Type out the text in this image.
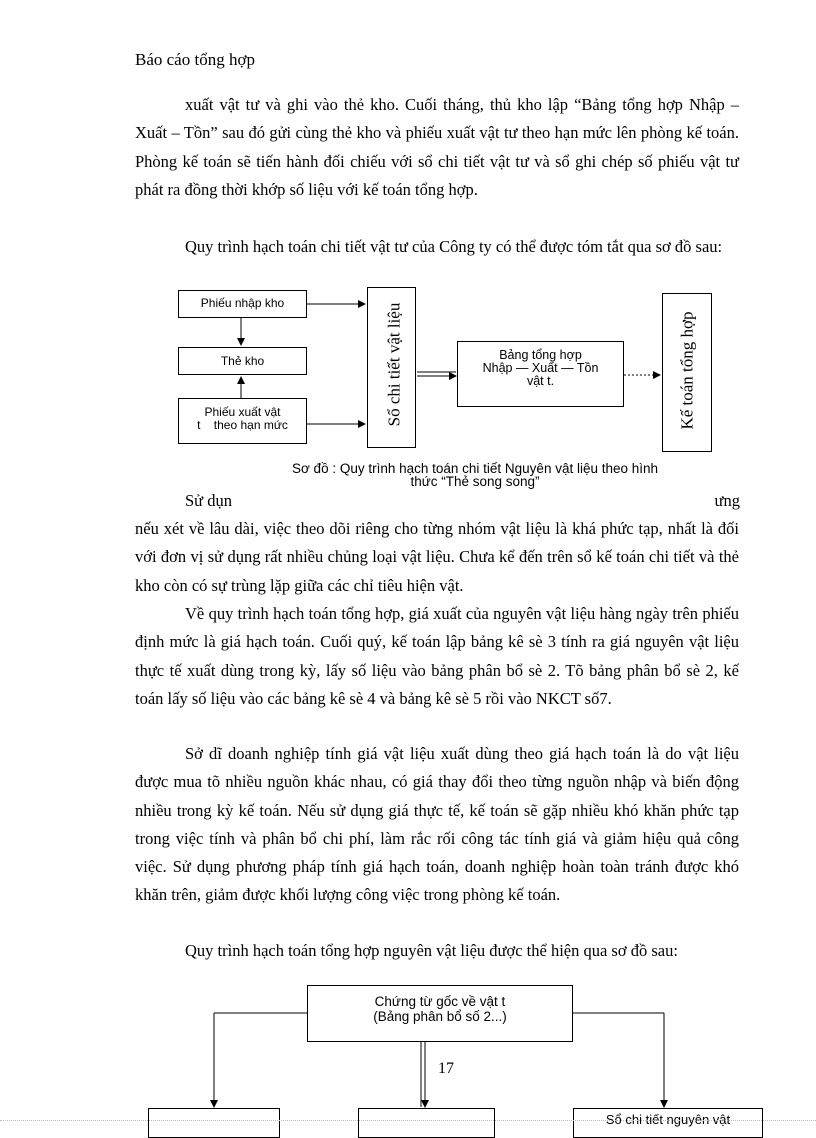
Báo cáo tổng hợp
xuất vật tư và ghi vào thẻ kho. Cuối tháng, thủ kho lập “Bảng tổng hợp Nhập – Xuất – Tồn” sau đó gửi cùng thẻ kho và phiếu xuất vật tư theo hạn mức lên phòng kế toán. Phòng kế toán sẽ tiến hành đối chiếu với sổ chi tiết vật tư và sổ ghi chép số phiếu vật tư phát ra đồng thời khớp số liệu với kế toán tổng hợp.
Quy trình hạch toán chi tiết vật tư của Công ty có thể được tóm tắt qua sơ đồ sau:
Phiếu nhập kho
Thẻ kho
Phiếu xuất vật
t    theo hạn mức	Sổ chi tiết vật liệu	Bảng tổng hợp
Nhập — Xuất — Tồn
vật t.	Kế toán tổng hợp
Sơ đồ : Quy trình hạch toán chi tiết Nguyên vật liệu theo hình
thức “Thẻ song song”
Sử dụn	ưng
nếu xét về lâu dài, việc theo dõi riêng cho từng nhóm vật liệu là khá phức tạp, nhất là đối với đơn vị sử dụng rất nhiều chủng loại vật liệu. Chưa kể đến trên sổ kế toán chi tiết và thẻ kho còn có sự trùng lặp giữa các chỉ tiêu hiện vật.
Về quy trình hạch toán tổng hợp, giá xuất của nguyên vật liệu hàng ngày trên phiếu định mức là giá hạch toán. Cuối quý, kế toán lập bảng kê sè 3 tính ra giá nguyên vật liệu thực tế xuất dùng trong kỳ, lấy số liệu vào bảng phân bổ sè 2. Tõ bảng phân bổ sè 2, kế toán lấy số liệu vào các bảng kê sè 4 và bảng kê sè 5 rồi vào NKCT số7.
Sở dĩ doanh nghiệp tính giá vật liệu xuất dùng theo giá hạch toán là do vật liệu được mua tõ nhiều nguồn khác nhau, có giá thay đổi theo từng nguồn nhập và biến động nhiều trong kỳ kế toán. Nếu sử dụng giá thực tế, kế toán sẽ gặp nhiều khó khăn phức tạp trong việc tính và phân bổ chi phí, làm rắc rối công tác tính giá và giảm hiệu quả công việc. Sử dụng phương pháp tính giá hạch toán, doanh nghiệp hoàn toàn tránh được khó khăn trên, giảm được khối lượng công việc trong phòng kế toán.
Quy trình hạch toán tổng hợp nguyên vật liệu được thể hiện qua sơ đồ sau:
Chứng từ gốc về vật t
(Bảng phân bổ số 2...)
Sổ chi tiết nguyên vật
17
